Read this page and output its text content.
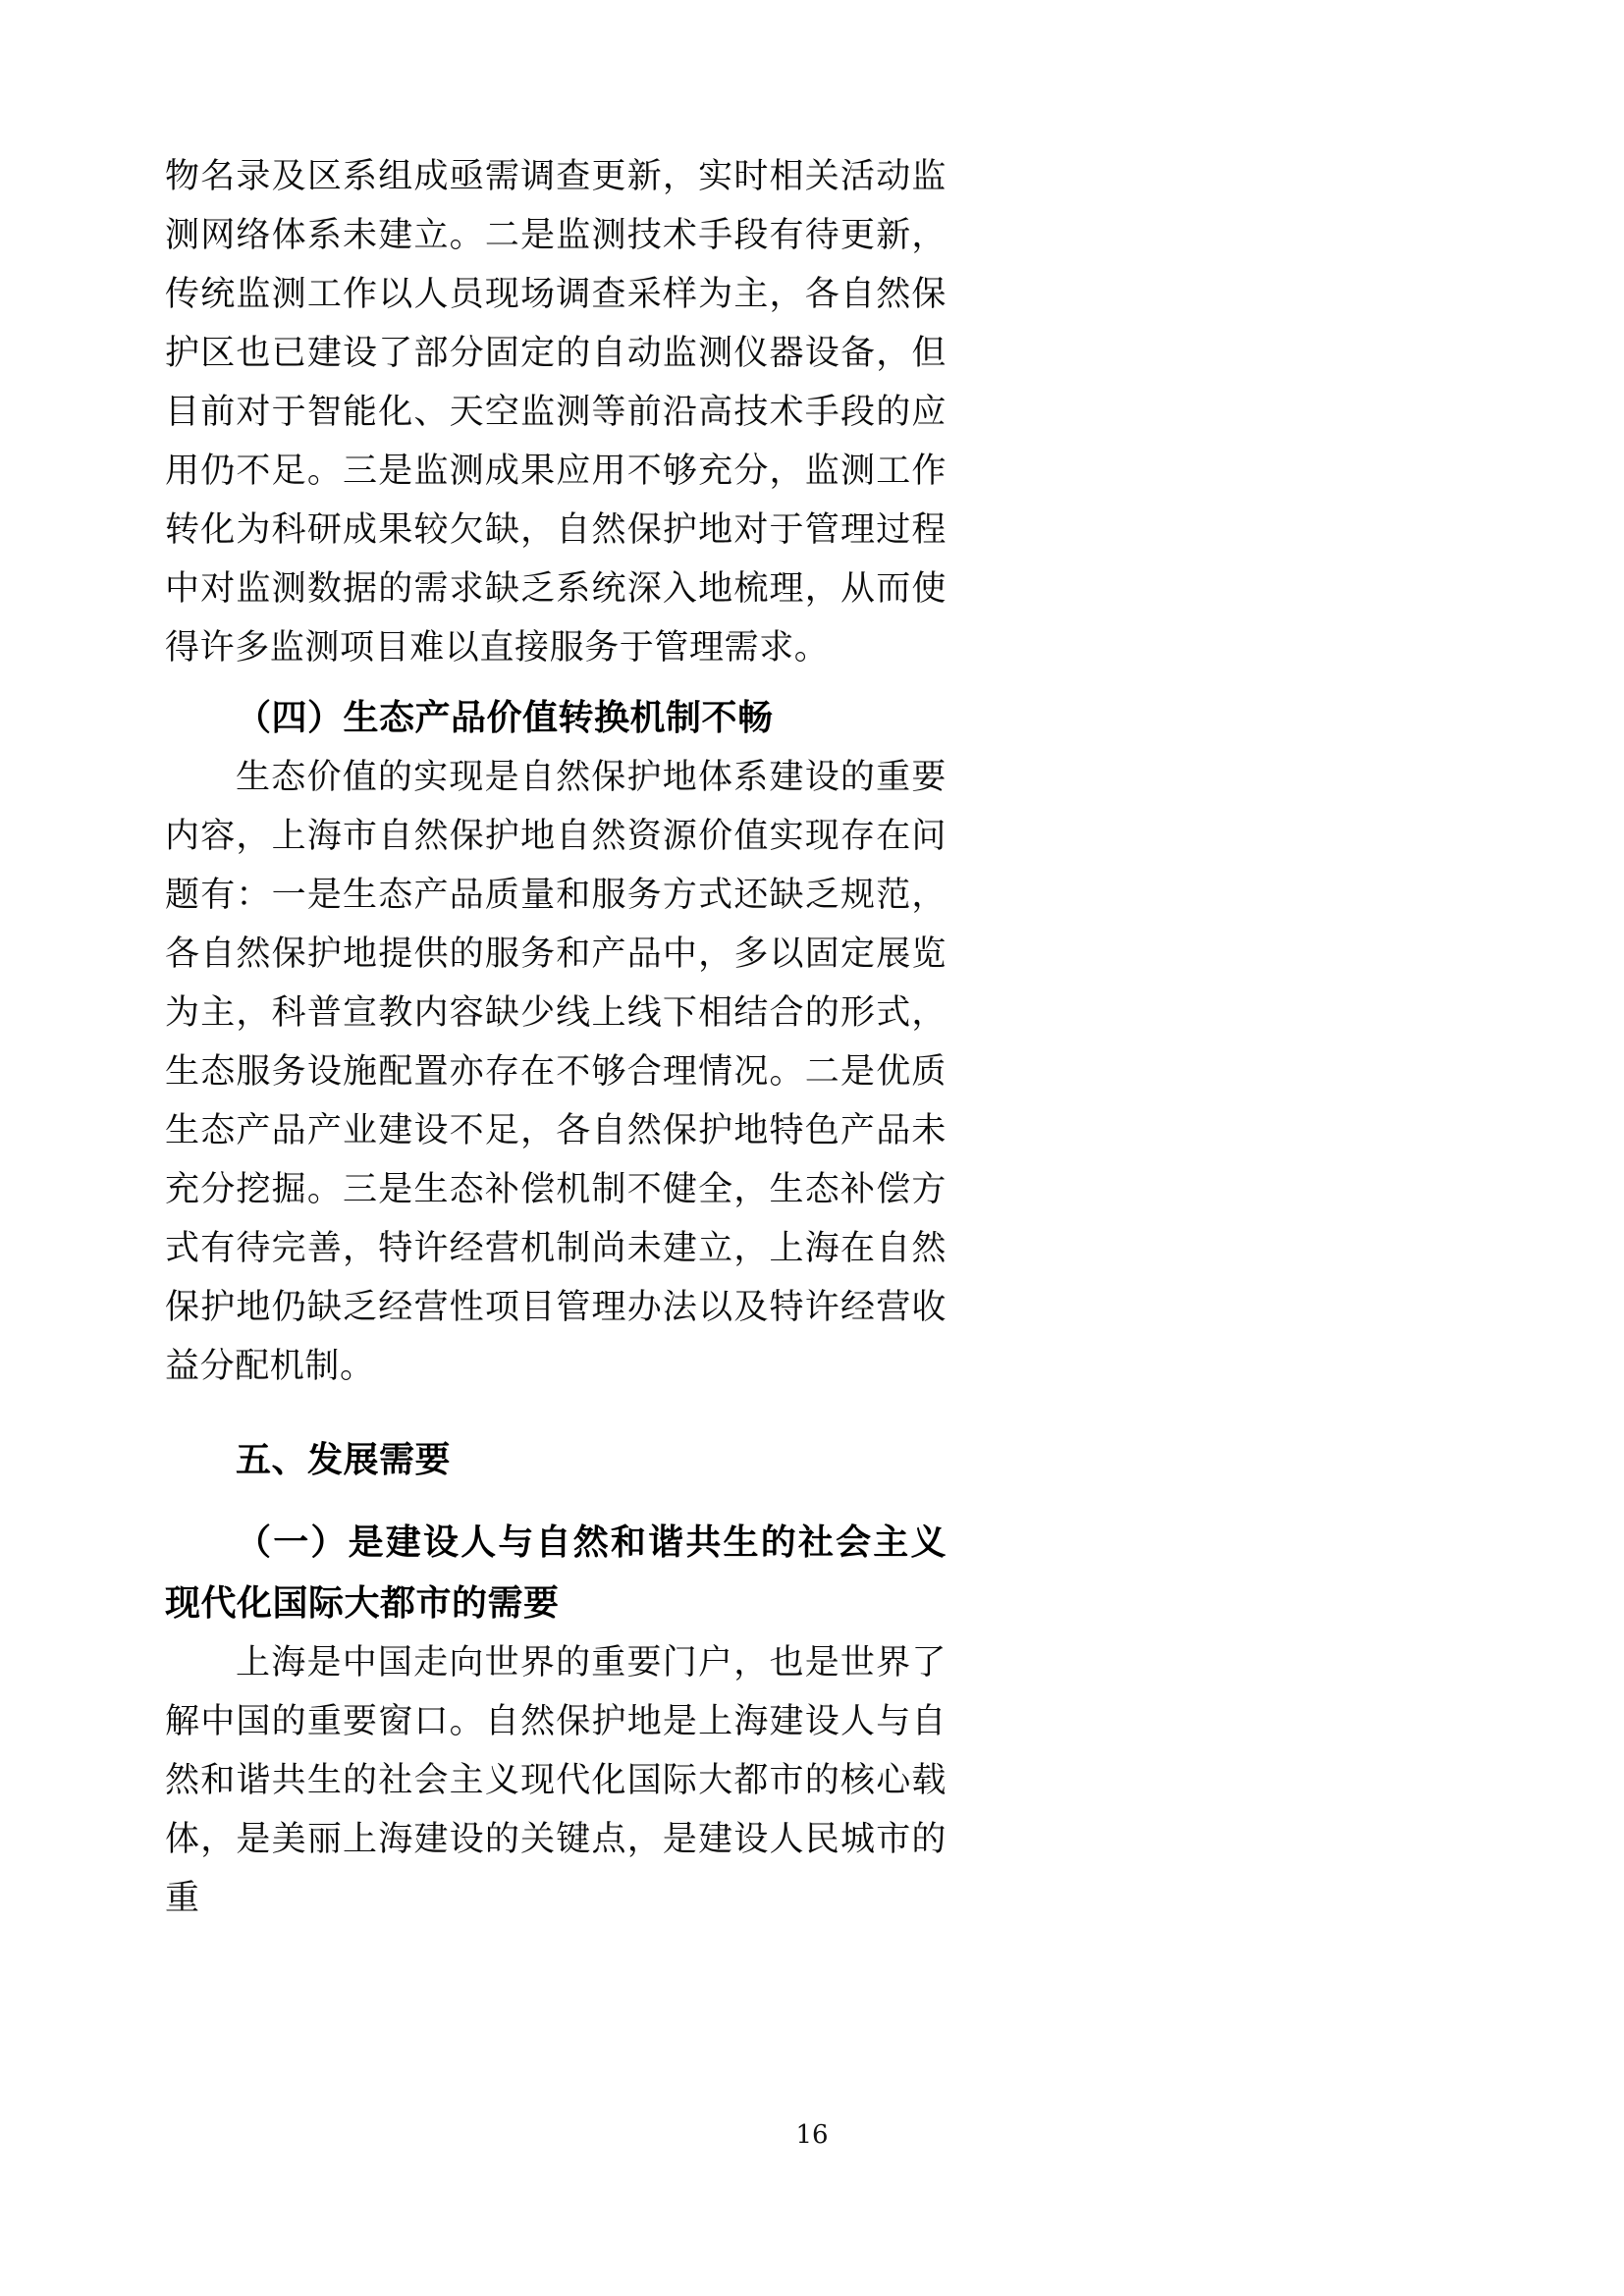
物名录及区系组成亟需调查更新，实时相关活动监测网络体系未建立。二是监测技术手段有待更新，传统监测工作以人员现场调查采样为主，各自然保护区也已建设了部分固定的自动监测仪器设备，但目前对于智能化、天空监测等前沿高技术手段的应用仍不足。三是监测成果应用不够充分，监测工作转化为科研成果较欠缺，自然保护地对于管理过程中对监测数据的需求缺乏系统深入地梳理，从而使得许多监测项目难以直接服务于管理需求。

（四）生态产品价值转换机制不畅

生态价值的实现是自然保护地体系建设的重要内容，上海市自然保护地自然资源价值实现存在问题有：一是生态产品质量和服务方式还缺乏规范，各自然保护地提供的服务和产品中，多以固定展览为主，科普宣教内容缺少线上线下相结合的形式，生态服务设施配置亦存在不够合理情况。二是优质生态产品产业建设不足，各自然保护地特色产品未充分挖掘。三是生态补偿机制不健全，生态补偿方式有待完善，特许经营机制尚未建立，上海在自然保护地仍缺乏经营性项目管理办法以及特许经营收益分配机制。

五、发展需要
（一）是建设人与自然和谐共生的社会主义现代化国际大都市的需要

上海是中国走向世界的重要门户，也是世界了解中国的重要窗口。自然保护地是上海建设人与自然和谐共生的社会主义现代化国际大都市的核心载体，是美丽上海建设的关键点，是建设人民城市的重

16
